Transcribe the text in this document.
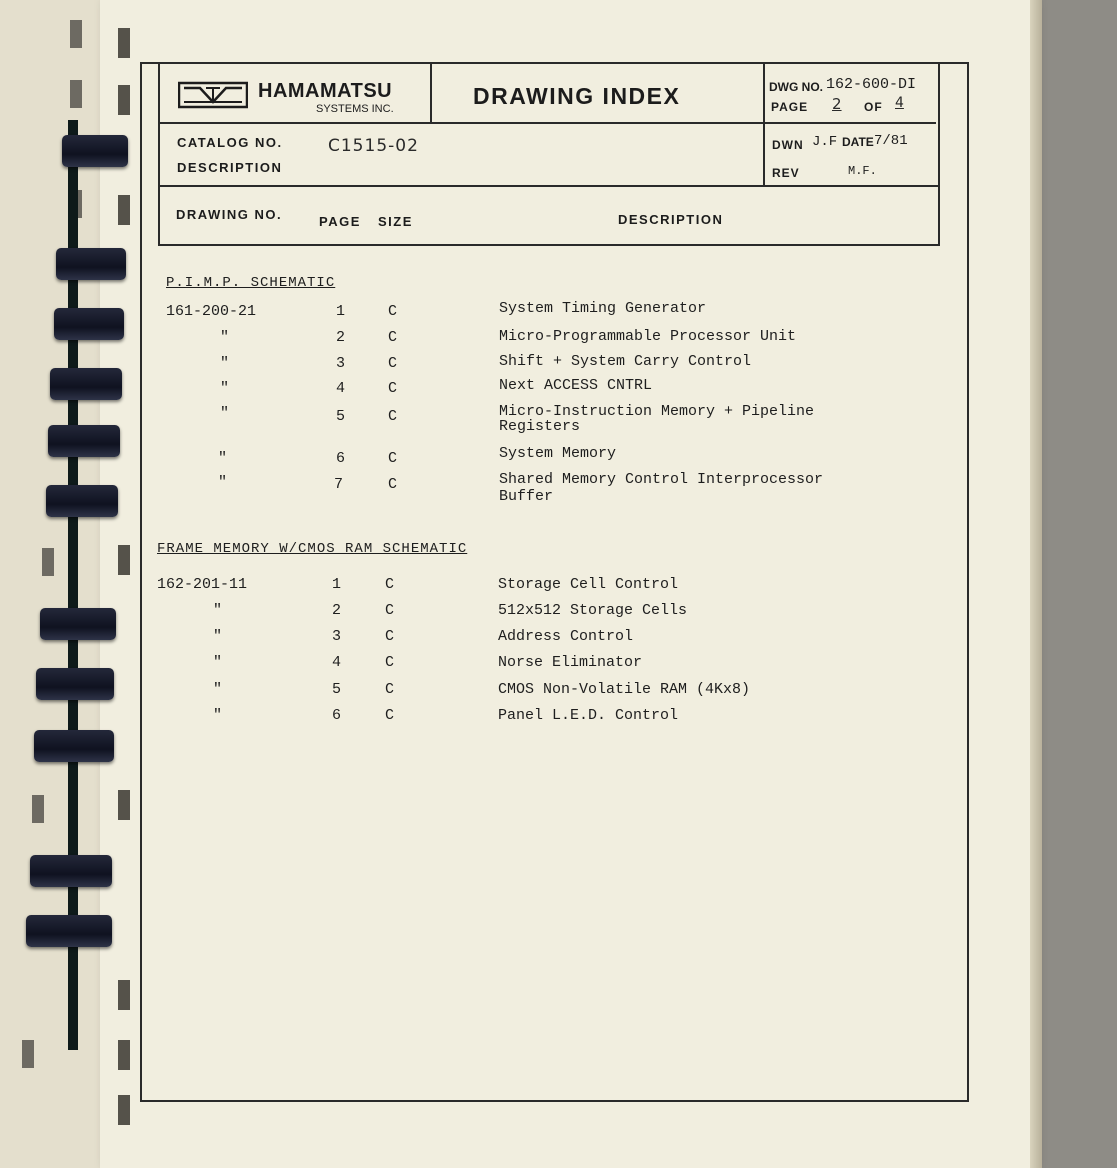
HAMAMATSU
SYSTEMS INC.	DRAWING INDEX	DWG NO. 162-600-DI
PAGE 2 OF 4
DWN J.F DATE 7/81
REV	M.F.
CATALOG NO.	C1515-02
DESCRIPTION
DRAWING NO.	PAGE SIZE	DESCRIPTION
P.I.M.P. SCHEMATIC
161-200-21	1	C	System Timing Generator
"	2	C	Micro-Programmable Processor Unit
"	3	C	Shift + System Carry Control
"	4	C	Next ACCESS CNTRL
"	5	C	Micro-Instruction Memory + Pipeline
Registers
"	6	C	System Memory
"	7	C	Shared Memory Control Interprocessor
Buffer
FRAME MEMORY W/CMOS RAM SCHEMATIC
162-201-11	1	C	Storage Cell Control
"	2	C	512x512 Storage Cells
"	3	C	Address Control
"	4	C	Norse Eliminator
"	5	C	CMOS Non-Volatile RAM (4Kx8)
"	6	C	Panel L.E.D. Control
